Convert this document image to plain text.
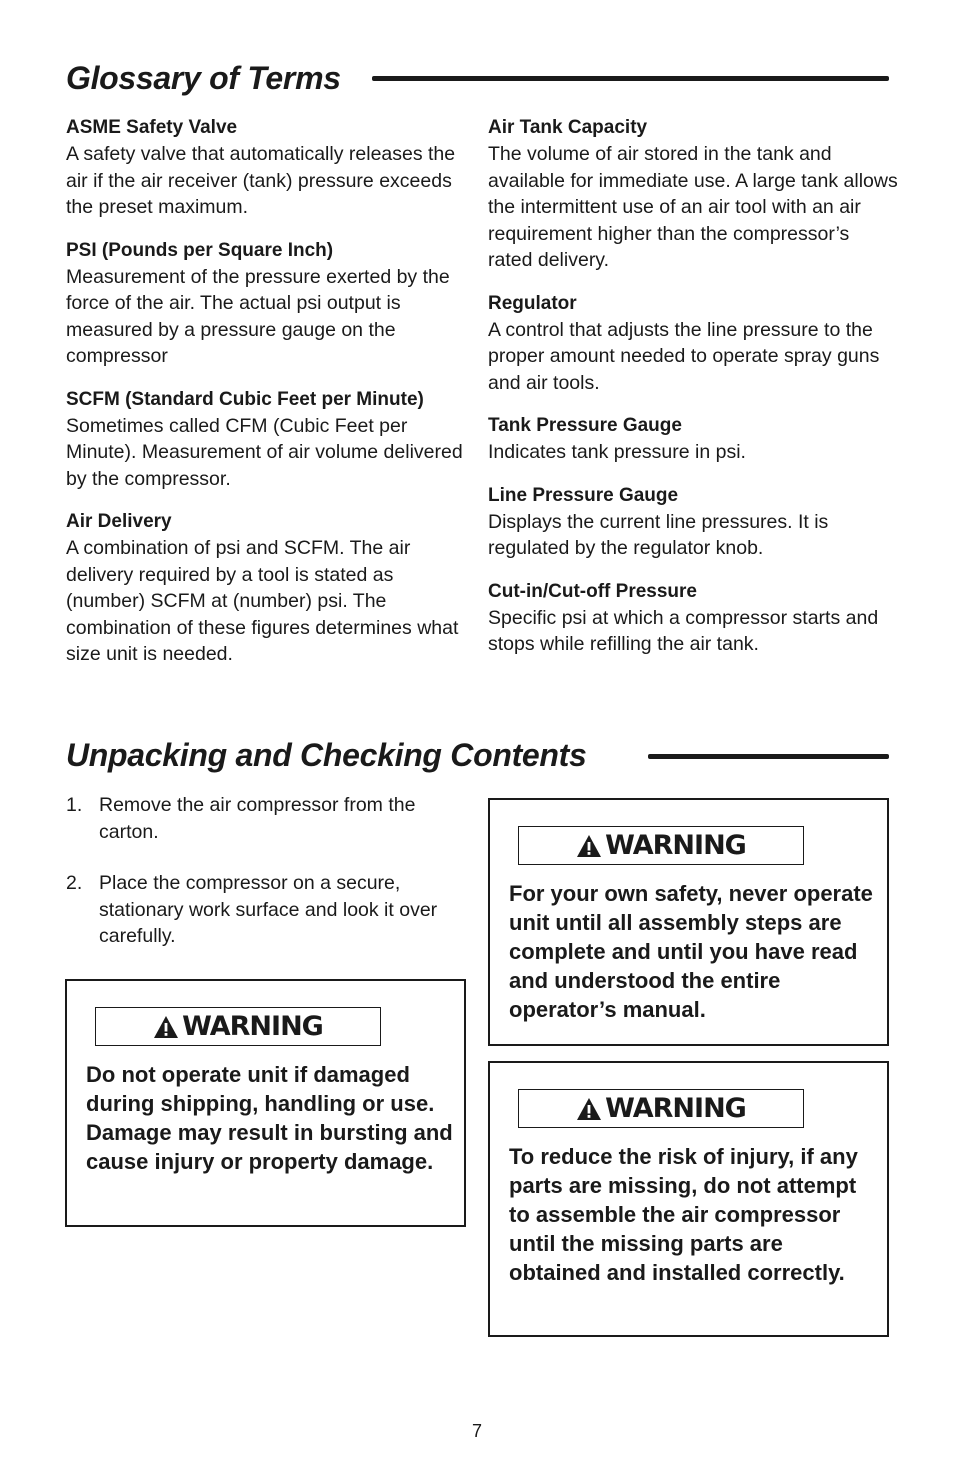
Glossary of Terms
ASME Safety Valve
A safety valve that automatically releases the air if the air receiver (tank) pressure exceeds the preset maximum.
PSI (Pounds per Square Inch)
Measurement of the pressure exerted by the force of the air. The actual psi output is measured by a pressure gauge on the compressor
SCFM (Standard Cubic Feet per Minute)
Sometimes called CFM (Cubic Feet per Minute). Measurement of air volume delivered by the compressor.
Air Delivery
A combination of psi and SCFM. The air delivery required by a tool is stated as (number) SCFM at (number) psi. The combination of these figures determines what size unit is needed.
Air Tank Capacity
The volume of air stored in the tank and available for immediate use. A large tank allows the intermittent use of an air tool with an air requirement higher than the compressor’s rated delivery.
Regulator
A control that adjusts the line pressure to the proper amount needed to operate spray guns and air tools.
Tank Pressure Gauge
Indicates tank pressure in psi.
Line Pressure Gauge
Displays the current line pressures. It is regulated by the regulator knob.
Cut-in/Cut-off Pressure
Specific psi at which a compressor starts and stops while refilling the air tank.
Unpacking and Checking Contents
1. Remove the air compressor from the carton.
2. Place the compressor on a secure, stationary work surface and look it over carefully.
WARNING
Do not operate unit if damaged during shipping, handling or use. Damage may result in bursting and cause injury or property damage.
WARNING
For your own safety, never operate unit until all assembly steps are complete and until you have read and understood the entire operator’s manual.
WARNING
To reduce the risk of injury, if any parts are missing, do not attempt to assemble the air compressor until the missing parts are obtained and installed correctly.
7
